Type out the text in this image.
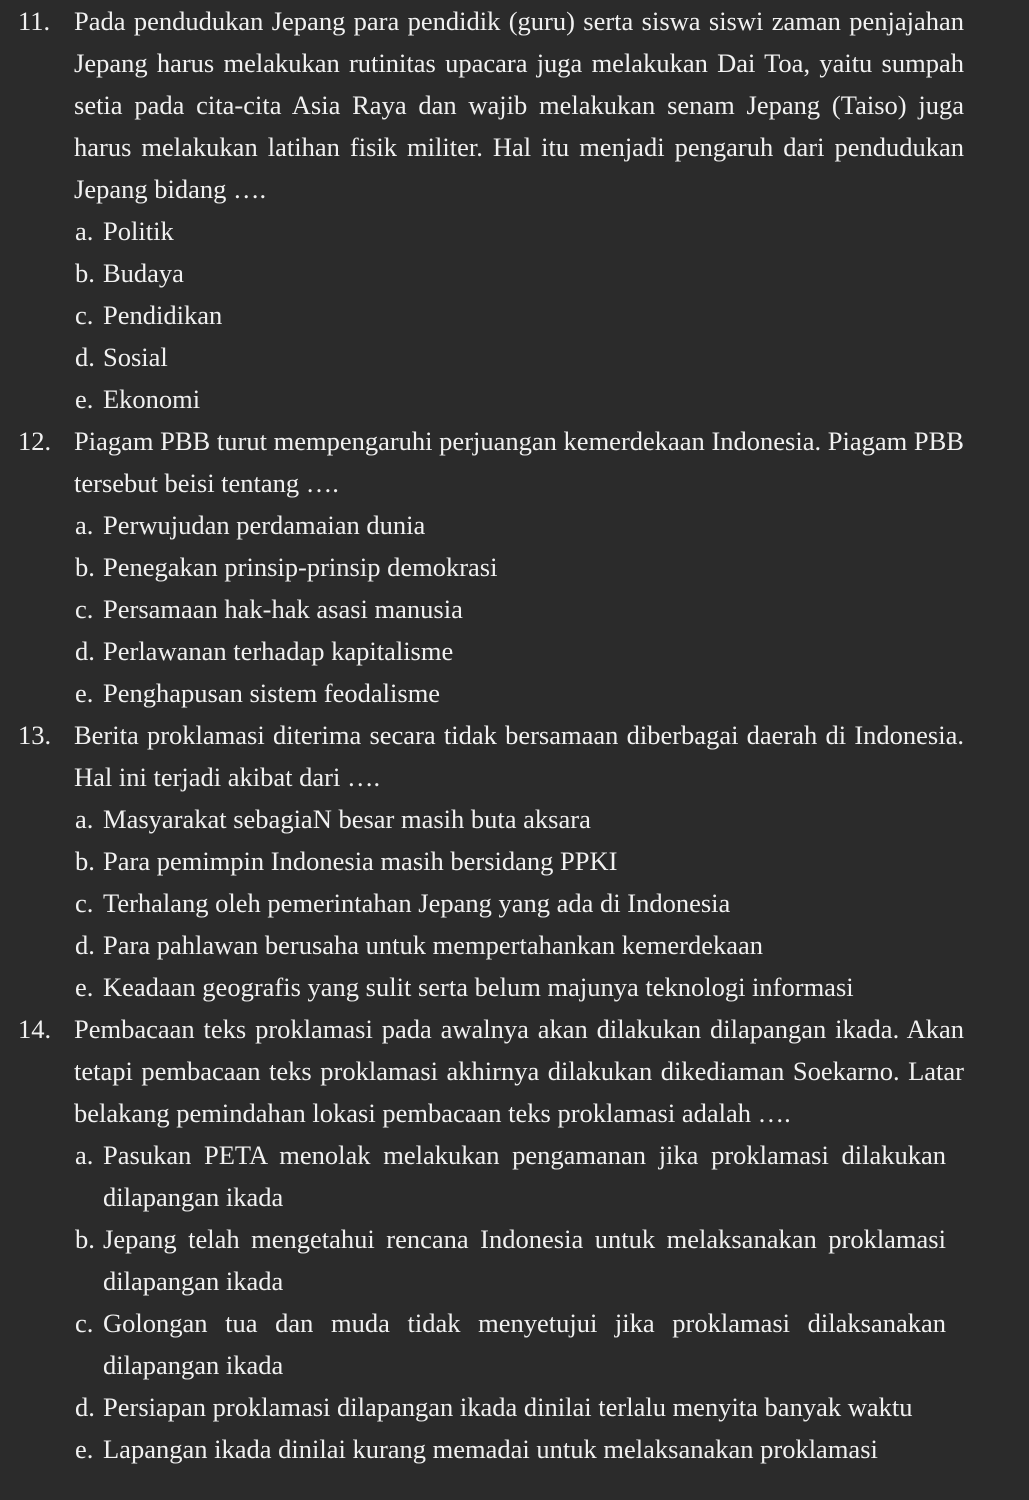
11. Pada pendudukan Jepang para pendidik (guru) serta siswa siswi zaman penjajahan Jepang harus melakukan rutinitas upacara juga melakukan Dai Toa, yaitu sumpah setia pada cita-cita Asia Raya dan wajib melakukan senam Jepang (Taiso) juga harus melakukan latihan fisik militer. Hal itu menjadi pengaruh dari pendudukan Jepang bidang ….
a. Politik
b. Budaya
c. Pendidikan
d. Sosial
e. Ekonomi
12. Piagam PBB turut mempengaruhi perjuangan kemerdekaan Indonesia. Piagam PBB tersebut beisi tentang ….
a. Perwujudan perdamaian dunia
b. Penegakan prinsip-prinsip demokrasi
c. Persamaan hak-hak asasi manusia
d. Perlawanan terhadap kapitalisme
e. Penghapusan sistem feodalisme
13. Berita proklamasi diterima secara tidak bersamaan diberbagai daerah di Indonesia. Hal ini terjadi akibat dari ….
a. Masyarakat sebagiaN besar masih buta aksara
b. Para pemimpin Indonesia masih bersidang PPKI
c. Terhalang oleh pemerintahan Jepang yang ada di Indonesia
d. Para pahlawan berusaha untuk mempertahankan kemerdekaan
e. Keadaan geografis yang sulit serta belum majunya teknologi informasi
14. Pembacaan teks proklamasi pada awalnya akan dilakukan dilapangan ikada. Akan tetapi pembacaan teks proklamasi akhirnya dilakukan dikediaman Soekarno. Latar belakang pemindahan lokasi pembacaan teks proklamasi adalah ….
a. Pasukan PETA menolak melakukan pengamanan jika proklamasi dilakukan dilapangan ikada
b. Jepang telah mengetahui rencana Indonesia untuk melaksanakan proklamasi dilapangan ikada
c. Golongan tua dan muda tidak menyetujui jika proklamasi dilaksanakan dilapangan ikada
d. Persiapan proklamasi dilapangan ikada dinilai terlalu menyita banyak waktu
e. Lapangan ikada dinilai kurang memadai untuk melaksanakan proklamasi
